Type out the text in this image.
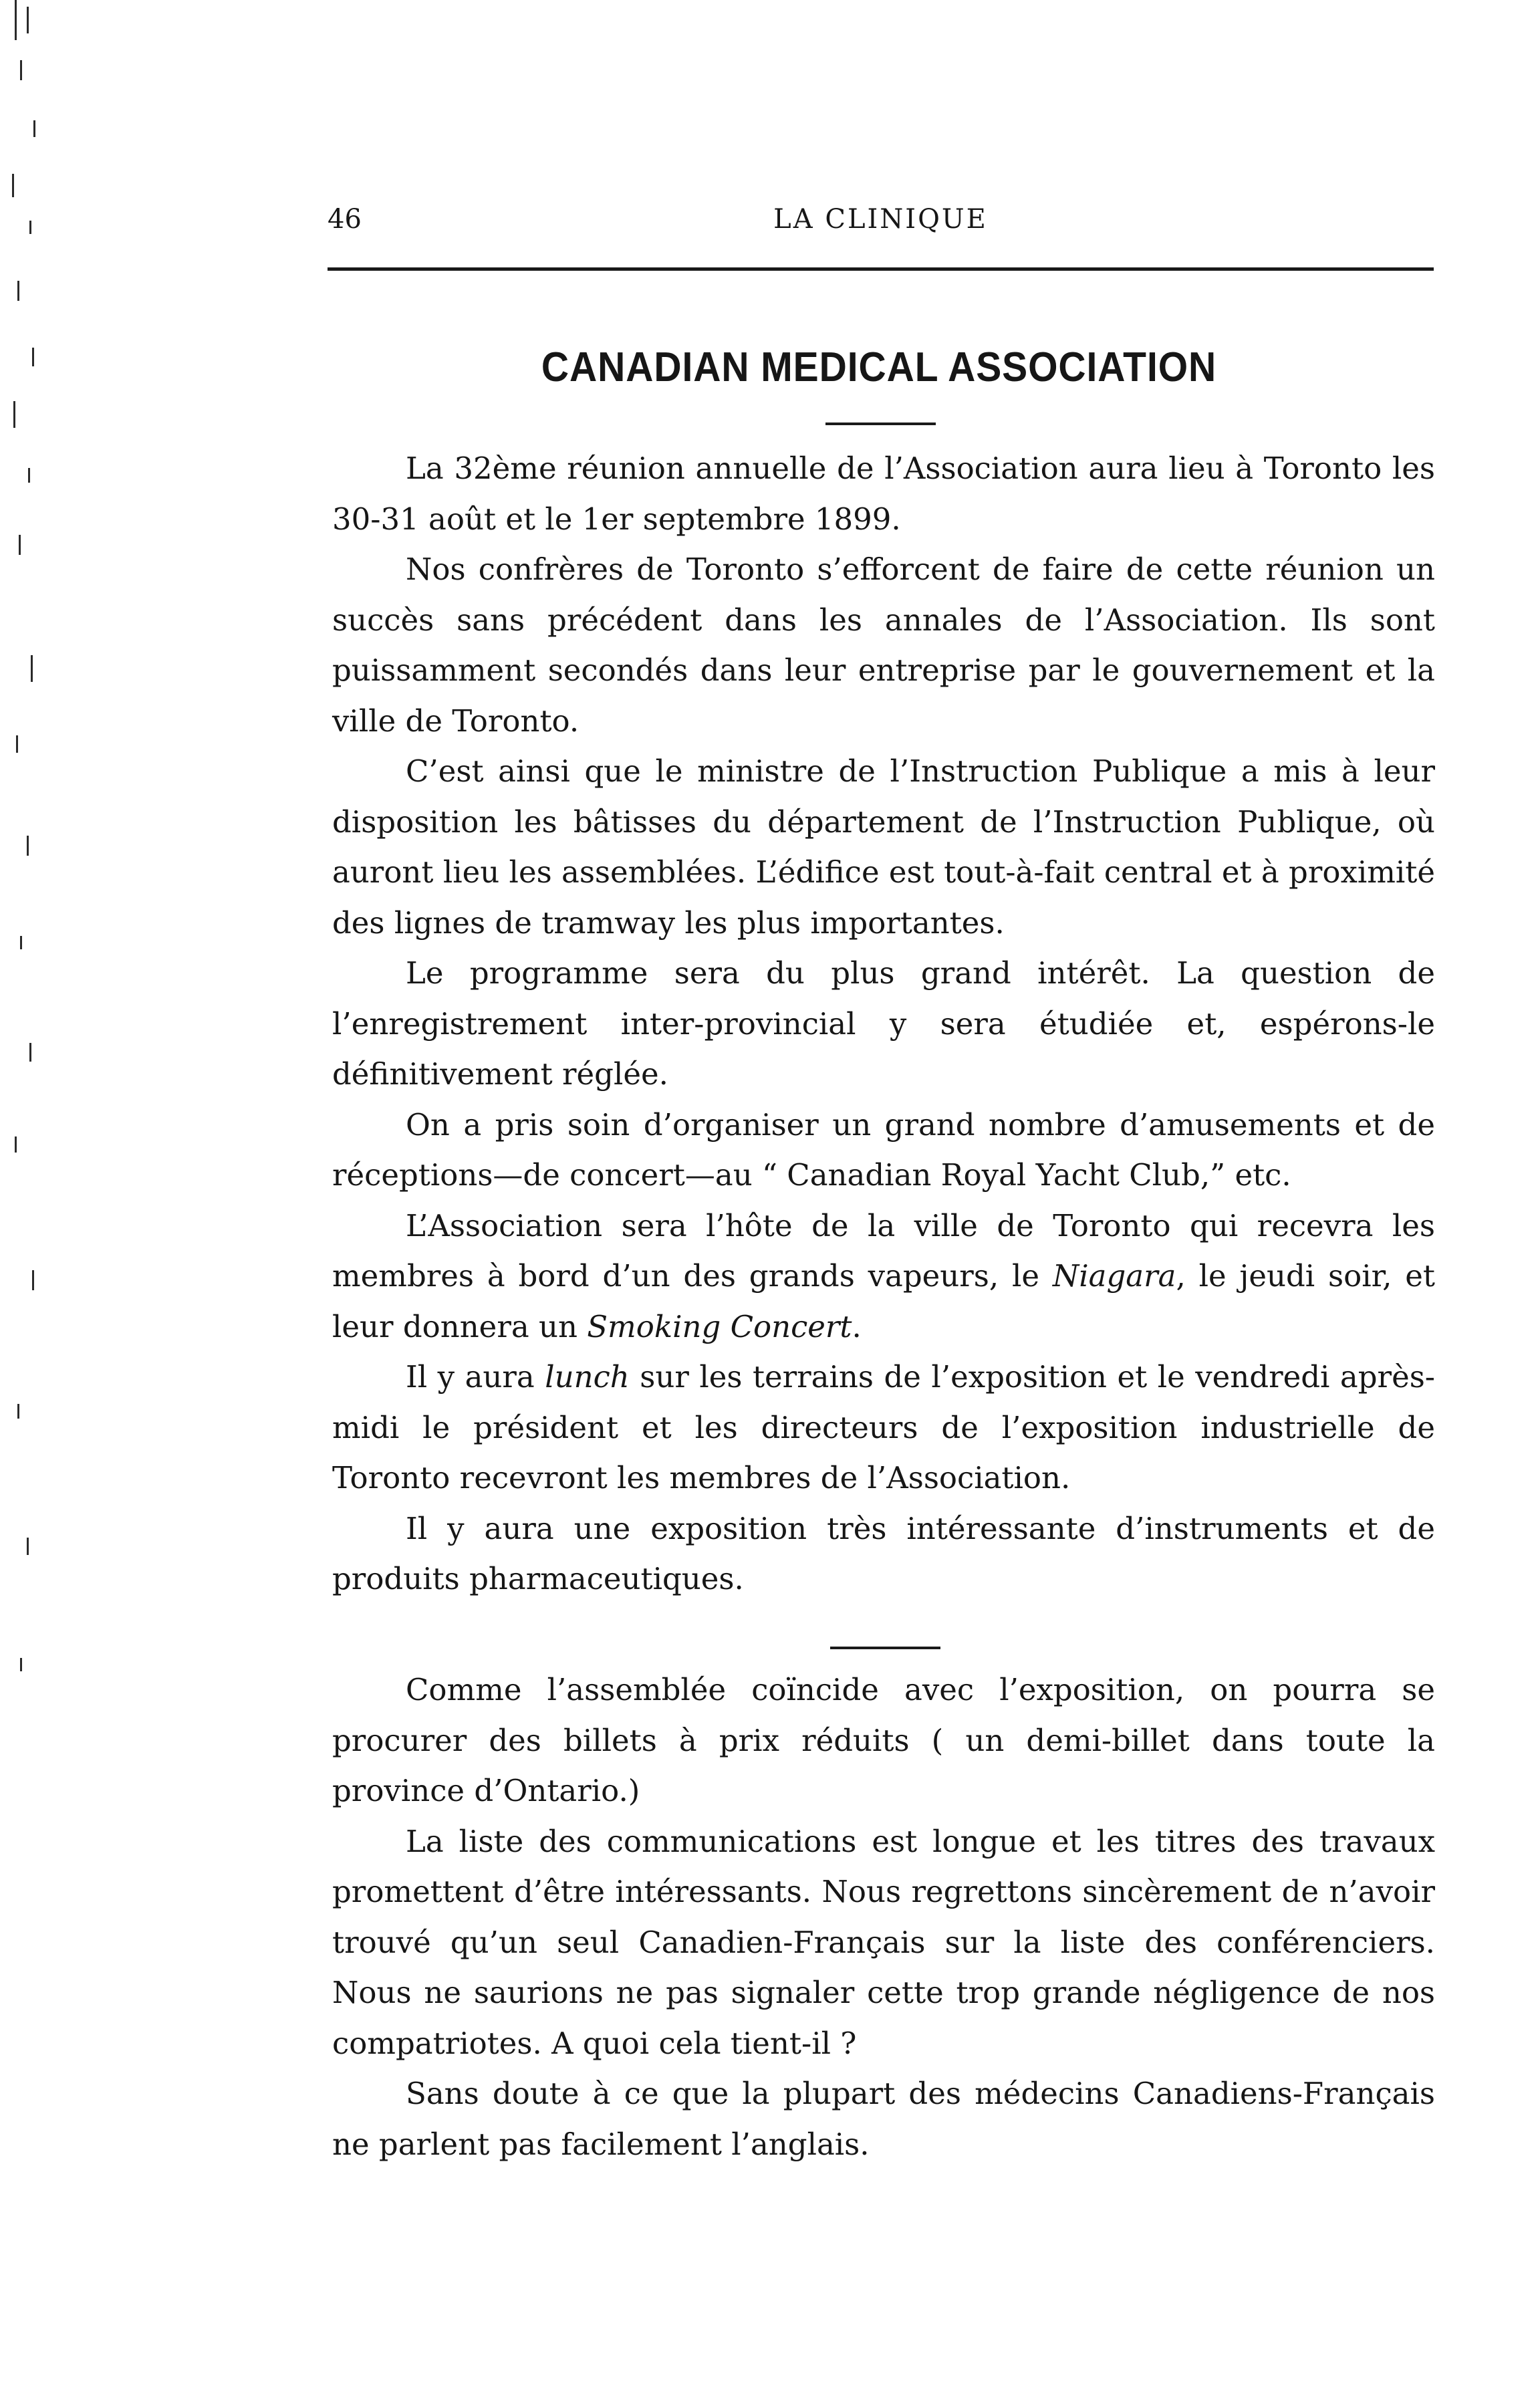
46	LA CLINIQUE
CANADIAN MEDICAL ASSOCIATION

La 32ème réunion annuelle de l’Association aura lieu à Toronto les 30-31 août et le 1er septembre 1899.

Nos confrères de Toronto s’efforcent de faire de cette réunion un succès sans précédent dans les annales de l’Association. Ils sont puissamment secondés dans leur entreprise par le gouvernement et la ville de Toronto.

C’est ainsi que le ministre de l’Instruction Publique a mis à leur disposition les bâtisses du département de l’Instruction Publique, où auront lieu les assemblées. L’édifice est tout-à-fait central et à proximité des lignes de tramway les plus importantes.

Le programme sera du plus grand intérêt. La question de l’enregistrement inter-provincial y sera étudiée et, espérons-le définitivement réglée.

On a pris soin d’organiser un grand nombre d’amusements et de réceptions—de concert—au “ Canadian Royal Yacht Club,” etc.

L’Association sera l’hôte de la ville de Toronto qui recevra les membres à bord d’un des grands vapeurs, le Niagara, le jeudi soir, et leur donnera un Smoking Concert.

Il y aura lunch sur les terrains de l’exposition et le vendredi après-midi le président et les directeurs de l’exposition industrielle de Toronto recevront les membres de l’Association.

Il y aura une exposition très intéressante d’instruments et de produits pharmaceutiques.

Comme l’assemblée coïncide avec l’exposition, on pourra se procurer des billets à prix réduits ( un demi-billet dans toute la province d’Ontario.)

La liste des communications est longue et les titres des travaux promettent d’être intéressants. Nous regrettons sincèrement de n’avoir trouvé qu’un seul Canadien-Français sur la liste des conférenciers. Nous ne saurions ne pas signaler cette trop grande négligence de nos compatriotes. A quoi cela tient-il ?

Sans doute à ce que la plupart des médecins Canadiens-Français ne parlent pas facilement l’anglais.
